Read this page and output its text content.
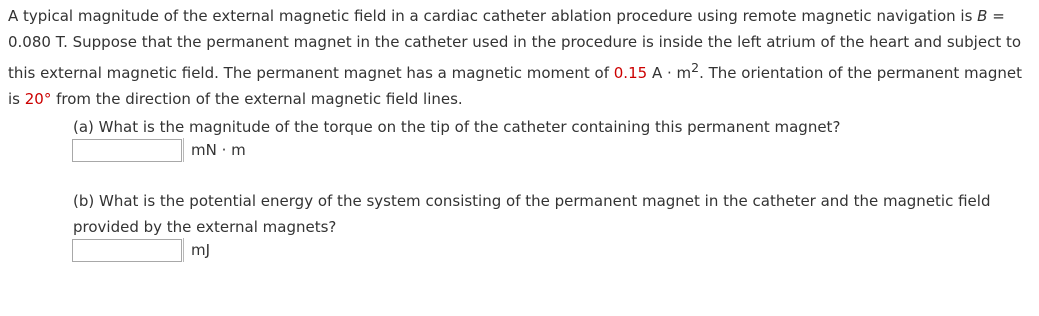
A typical magnitude of the external magnetic field in a cardiac catheter ablation procedure using remote magnetic navigation is B = 0.080 T. Suppose that the permanent magnet in the catheter used in the procedure is inside the left atrium of the heart and subject to this external magnetic field. The permanent magnet has a magnetic moment of 0.15 $A \cdot m^2$. The orientation of the permanent magnet is 20° from the direction of the external magnetic field lines.
(a) What is the magnitude of the torque on the tip of the catheter containing this permanent magnet?
mN · m
(b) What is the potential energy of the system consisting of the permanent magnet in the catheter and the magnetic field provided by the external magnets?
mJ
